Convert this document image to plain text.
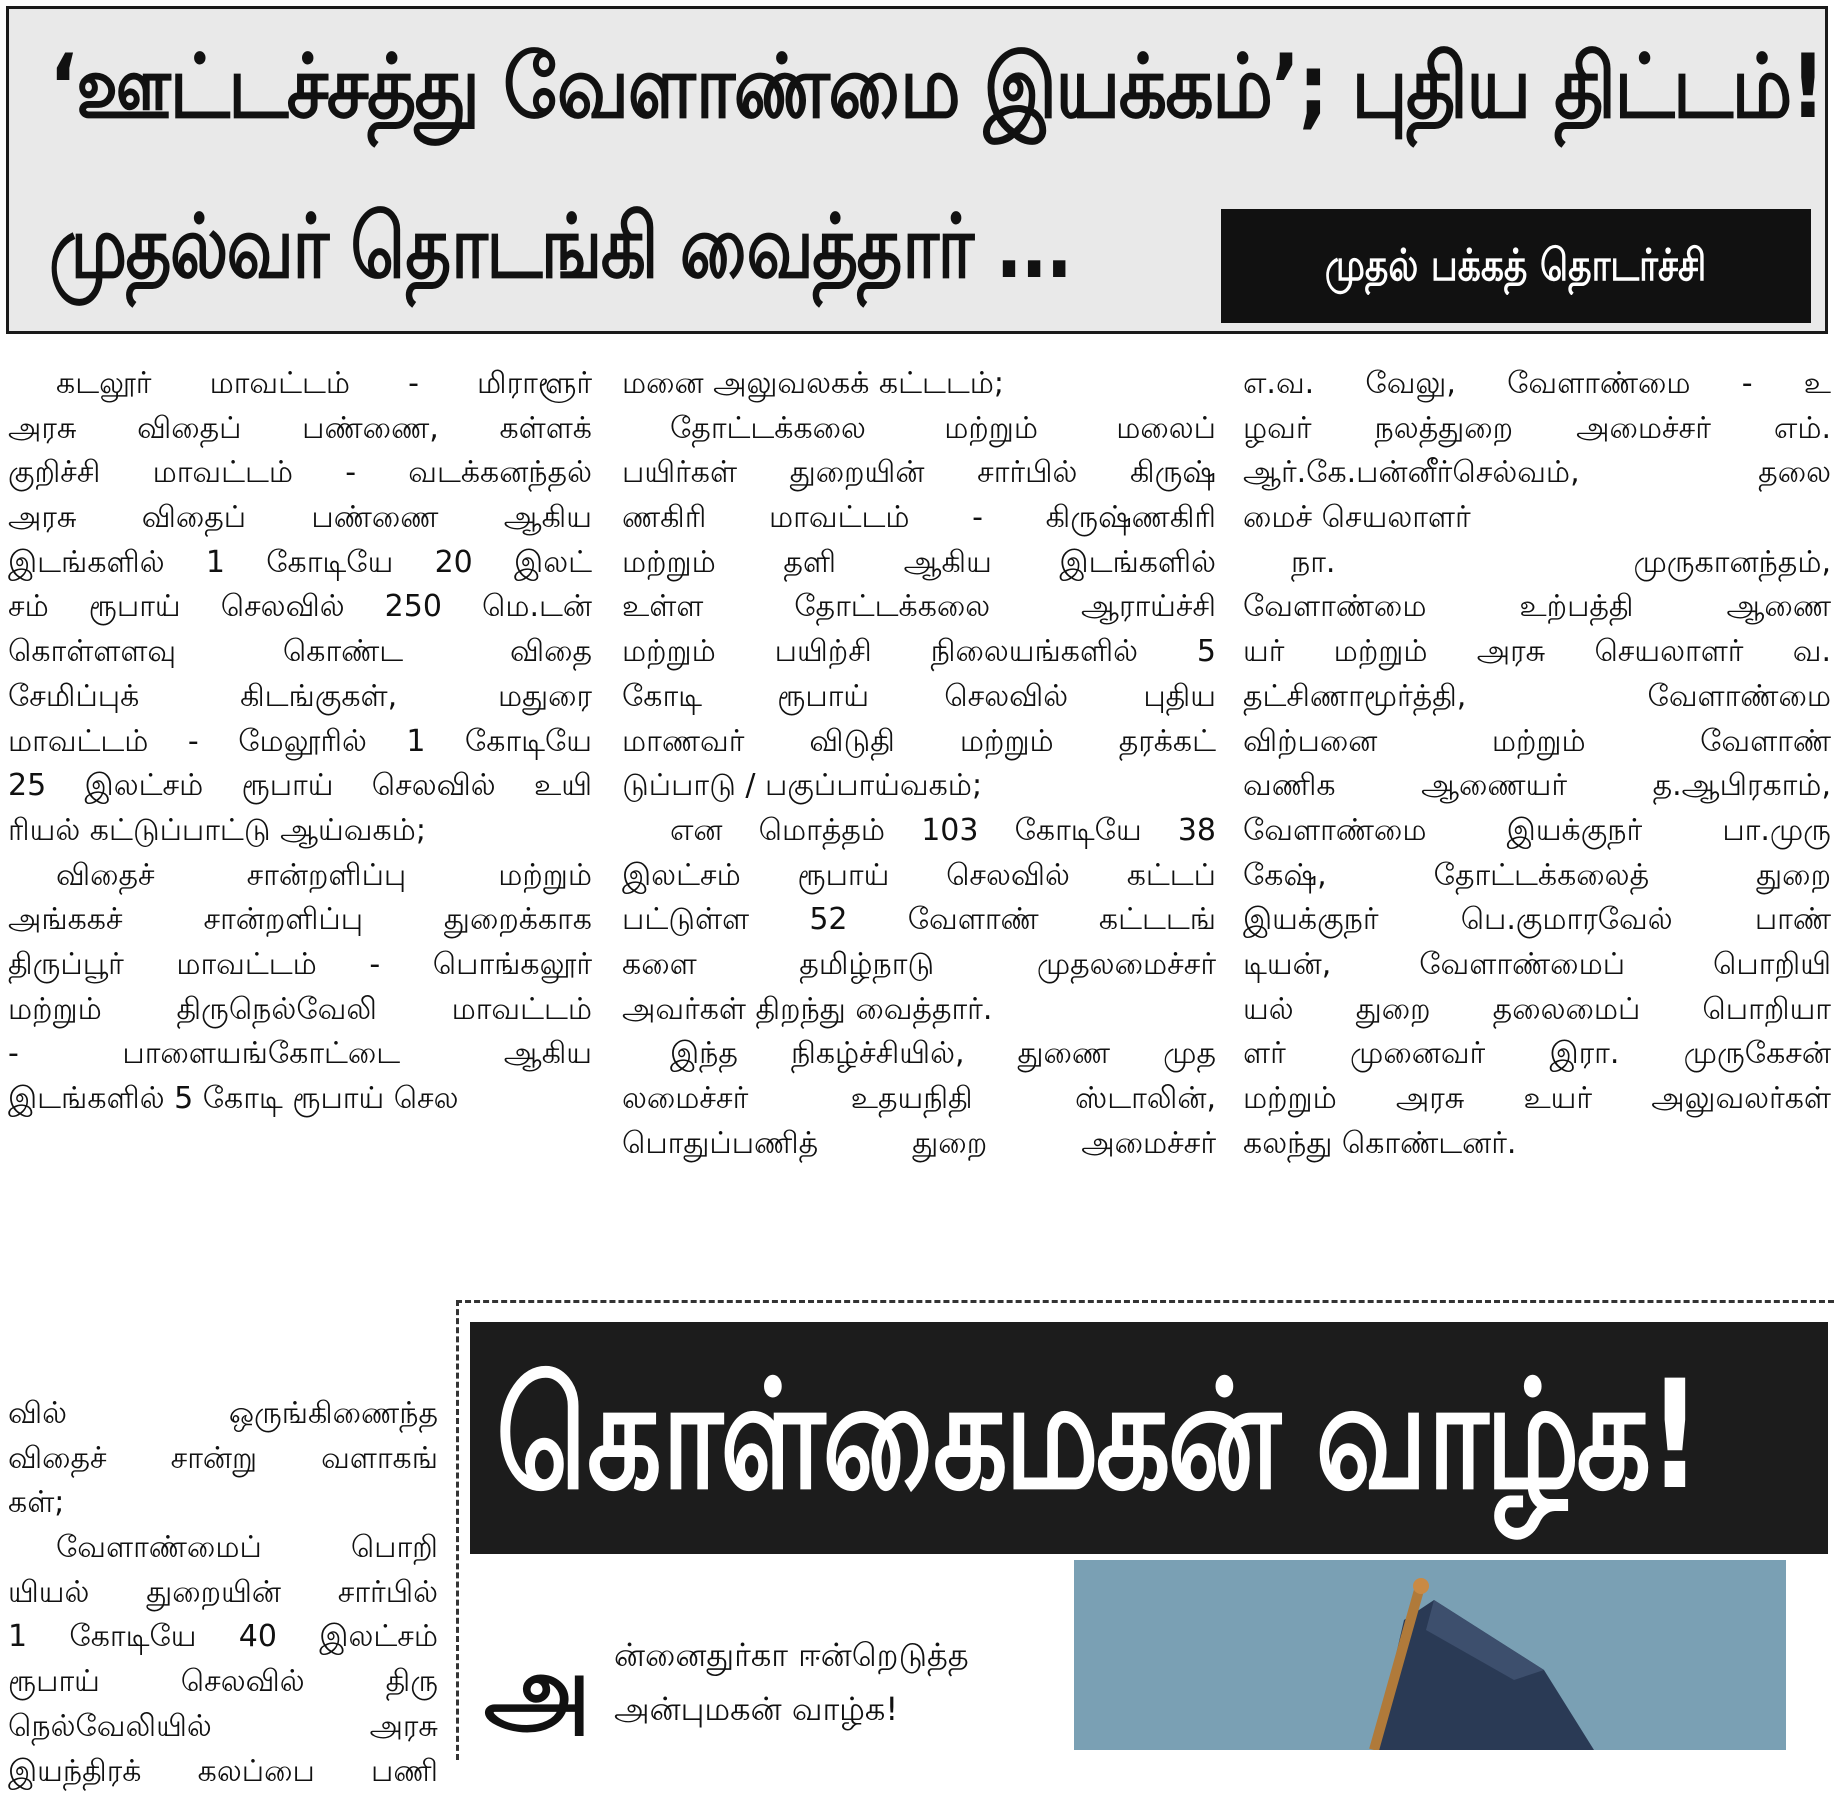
‘ஊட்டச்சத்து வேளாண்மை இயக்கம்’; புதிய திட்டம்!
முதல்வர் தொடங்கி வைத்தார் ...	முதல் பக்கத் தொடர்ச்சி
கடலூர் மாவட்டம் - மிராளூர்
அரசு விதைப் பண்ணை, கள்ளக்
குறிச்சி மாவட்டம் - வடக்கனந்தல்
அரசு விதைப் பண்ணை ஆகிய
இடங்களில் 1 கோடியே 20 இலட்
சம் ரூபாய் செலவில் 250 மெ.டன்
கொள்ளளவு கொண்ட விதை
சேமிப்புக் கிடங்குகள், மதுரை
மாவட்டம் - மேலூரில் 1 கோடியே
25 இலட்சம் ரூபாய் செலவில் உயி
ரியல் கட்டுப்பாட்டு ஆய்வகம்;
விதைச் சான்றளிப்பு மற்றும்
அங்ககச் சான்றளிப்பு துறைக்காக
திருப்பூர் மாவட்டம் - பொங்கலூர்
மற்றும் திருநெல்வேலி மாவட்டம்
- பாளையங்கோட்டை ஆகிய
இடங்களில் 5 கோடி ரூபாய் செல
வில் ஒருங்கிணைந்த
விதைச் சான்று வளாகங்
கள்;
வேளாண்மைப் பொறி
யியல் துறையின் சார்பில்
1 கோடியே 40 இலட்சம்
ரூபாய் செலவில் திரு
நெல்வேலியில் அரசு
இயந்திரக் கலப்பை பணி
மனை அலுவலகக் கட்டடம்;
தோட்டக்கலை மற்றும் மலைப்
பயிர்கள் துறையின் சார்பில் கிருஷ்
ணகிரி மாவட்டம் - கிருஷ்ணகிரி
மற்றும் தளி ஆகிய இடங்களில்
உள்ள தோட்டக்கலை ஆராய்ச்சி
மற்றும் பயிற்சி நிலையங்களில் 5
கோடி ரூபாய் செலவில் புதிய
மாணவர் விடுதி மற்றும் தரக்கட்
டுப்பாடு / பகுப்பாய்வகம்;
என மொத்தம் 103 கோடியே 38
இலட்சம் ரூபாய் செலவில் கட்டப்
பட்டுள்ள 52 வேளாண் கட்டடங்
களை தமிழ்நாடு முதலமைச்சர்
அவர்கள் திறந்து வைத்தார்.
இந்த நிகழ்ச்சியில், துணை முத
லமைச்சர் உதயநிதி ஸ்டாலின்,
பொதுப்பணித் துறை அமைச்சர்
எ.வ. வேலு, வேளாண்மை - உ
ழவர் நலத்துறை அமைச்சர் எம்.
ஆர்.கே.பன்னீர்செல்வம், தலை
மைச் செயலாளர்
நா. முருகானந்தம்,
வேளாண்மை உற்பத்தி ஆணை
யர் மற்றும் அரசு செயலாளர் வ.
தட்சிணாமூர்த்தி, வேளாண்மை
விற்பனை மற்றும் வேளாண்
வணிக ஆணையர் த.ஆபிரகாம்,
வேளாண்மை இயக்குநர் பா.முரு
கேஷ், தோட்டக்கலைத் துறை
இயக்குநர் பெ.குமாரவேல் பாண்
டியன், வேளாண்மைப் பொறியி
யல் துறை தலைமைப் பொறியா
ளர் முனைவர் இரா. முருகேசன்
மற்றும் அரசு உயர் அலுவலர்கள்
கலந்து கொண்டனர்.
கொள்கைமகன் வாழ்க!
அ ன்னைதுர்கா ஈன்றெடுத்த
அன்புமகன் வாழ்க!
